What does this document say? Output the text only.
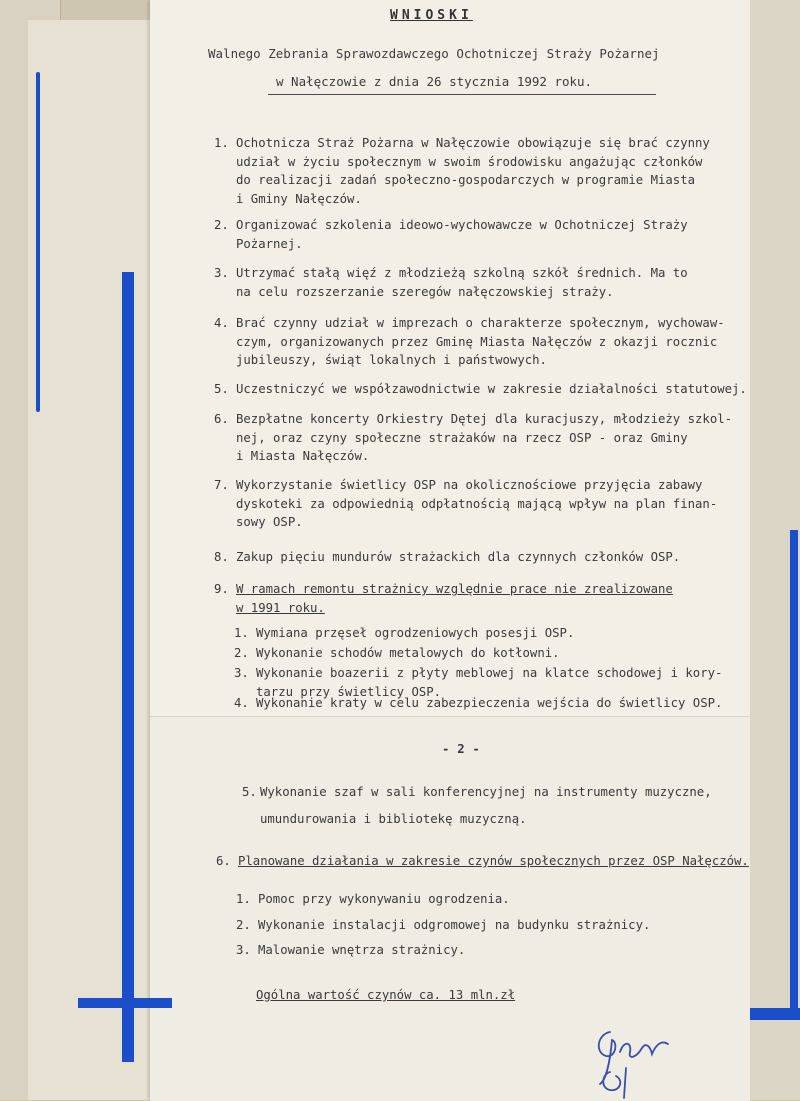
WNIOSKI
Walnego Zebrania Sprawozdawczego Ochotniczej Straży Pożarnej
w Nałęczowie z dnia 26 stycznia 1992 roku.
1. Ochotnicza Straż Pożarna w Nałęczowie obowiązuje się brać czynny
udział w życiu społecznym w swoim środowisku angażując członków
do realizacji zadań społeczno-gospodarczych w programie Miasta
i Gminy Nałęczów.
2. Organizować szkolenia ideowo-wychowawcze w Ochotniczej Straży
Pożarnej.
3. Utrzymać stałą więź z młodzieżą szkolną szkół średnich. Ma to
na celu rozszerzanie szeregów nałęczowskiej straży.
4. Brać czynny udział w imprezach o charakterze społecznym, wychowaw-
czym, organizowanych przez Gminę Miasta Nałęczów z okazji rocznic
jubileuszy, świąt lokalnych i państwowych.
5. Uczestniczyć we współzawodnictwie w zakresie działalności statutowej.
6. Bezpłatne koncerty Orkiestry Dętej dla kuracjuszy, młodzieży szkol-
nej, oraz czyny społeczne strażaków na rzecz OSP - oraz Gminy
i Miasta Nałęczów.
7. Wykorzystanie świetlicy OSP na okolicznościowe przyjęcia zabawy
dyskoteki za odpowiednią odpłatnością mającą wpływ na plan finan-
sowy OSP.
8. Zakup pięciu mundurów strażackich dla czynnych członków OSP.
9. W ramach remontu strażnicy względnie prace nie zrealizowane
w 1991 roku.
1. Wymiana przęseł ogrodzeniowych posesji OSP.
2. Wykonanie schodów metalowych do kotłowni.
3. Wykonanie boazerii z płyty meblowej na klatce schodowej i kory-
tarzu przy świetlicy OSP.
4. Wykonanie kraty w celu zabezpieczenia wejścia do świetlicy OSP.
- 2 -
5. Wykonanie szaf w sali konferencyjnej na instrumenty muzyczne,
umundurowania i bibliotekę muzyczną.
6. Planowane działania w zakresie czynów społecznych przez OSP Nałęczów.
1. Pomoc przy wykonywaniu ogrodzenia.
2. Wykonanie instalacji odgromowej na budynku strażnicy.
3. Malowanie wnętrza strażnicy.
Ogólna wartość czynów ca. 13 mln.zł
